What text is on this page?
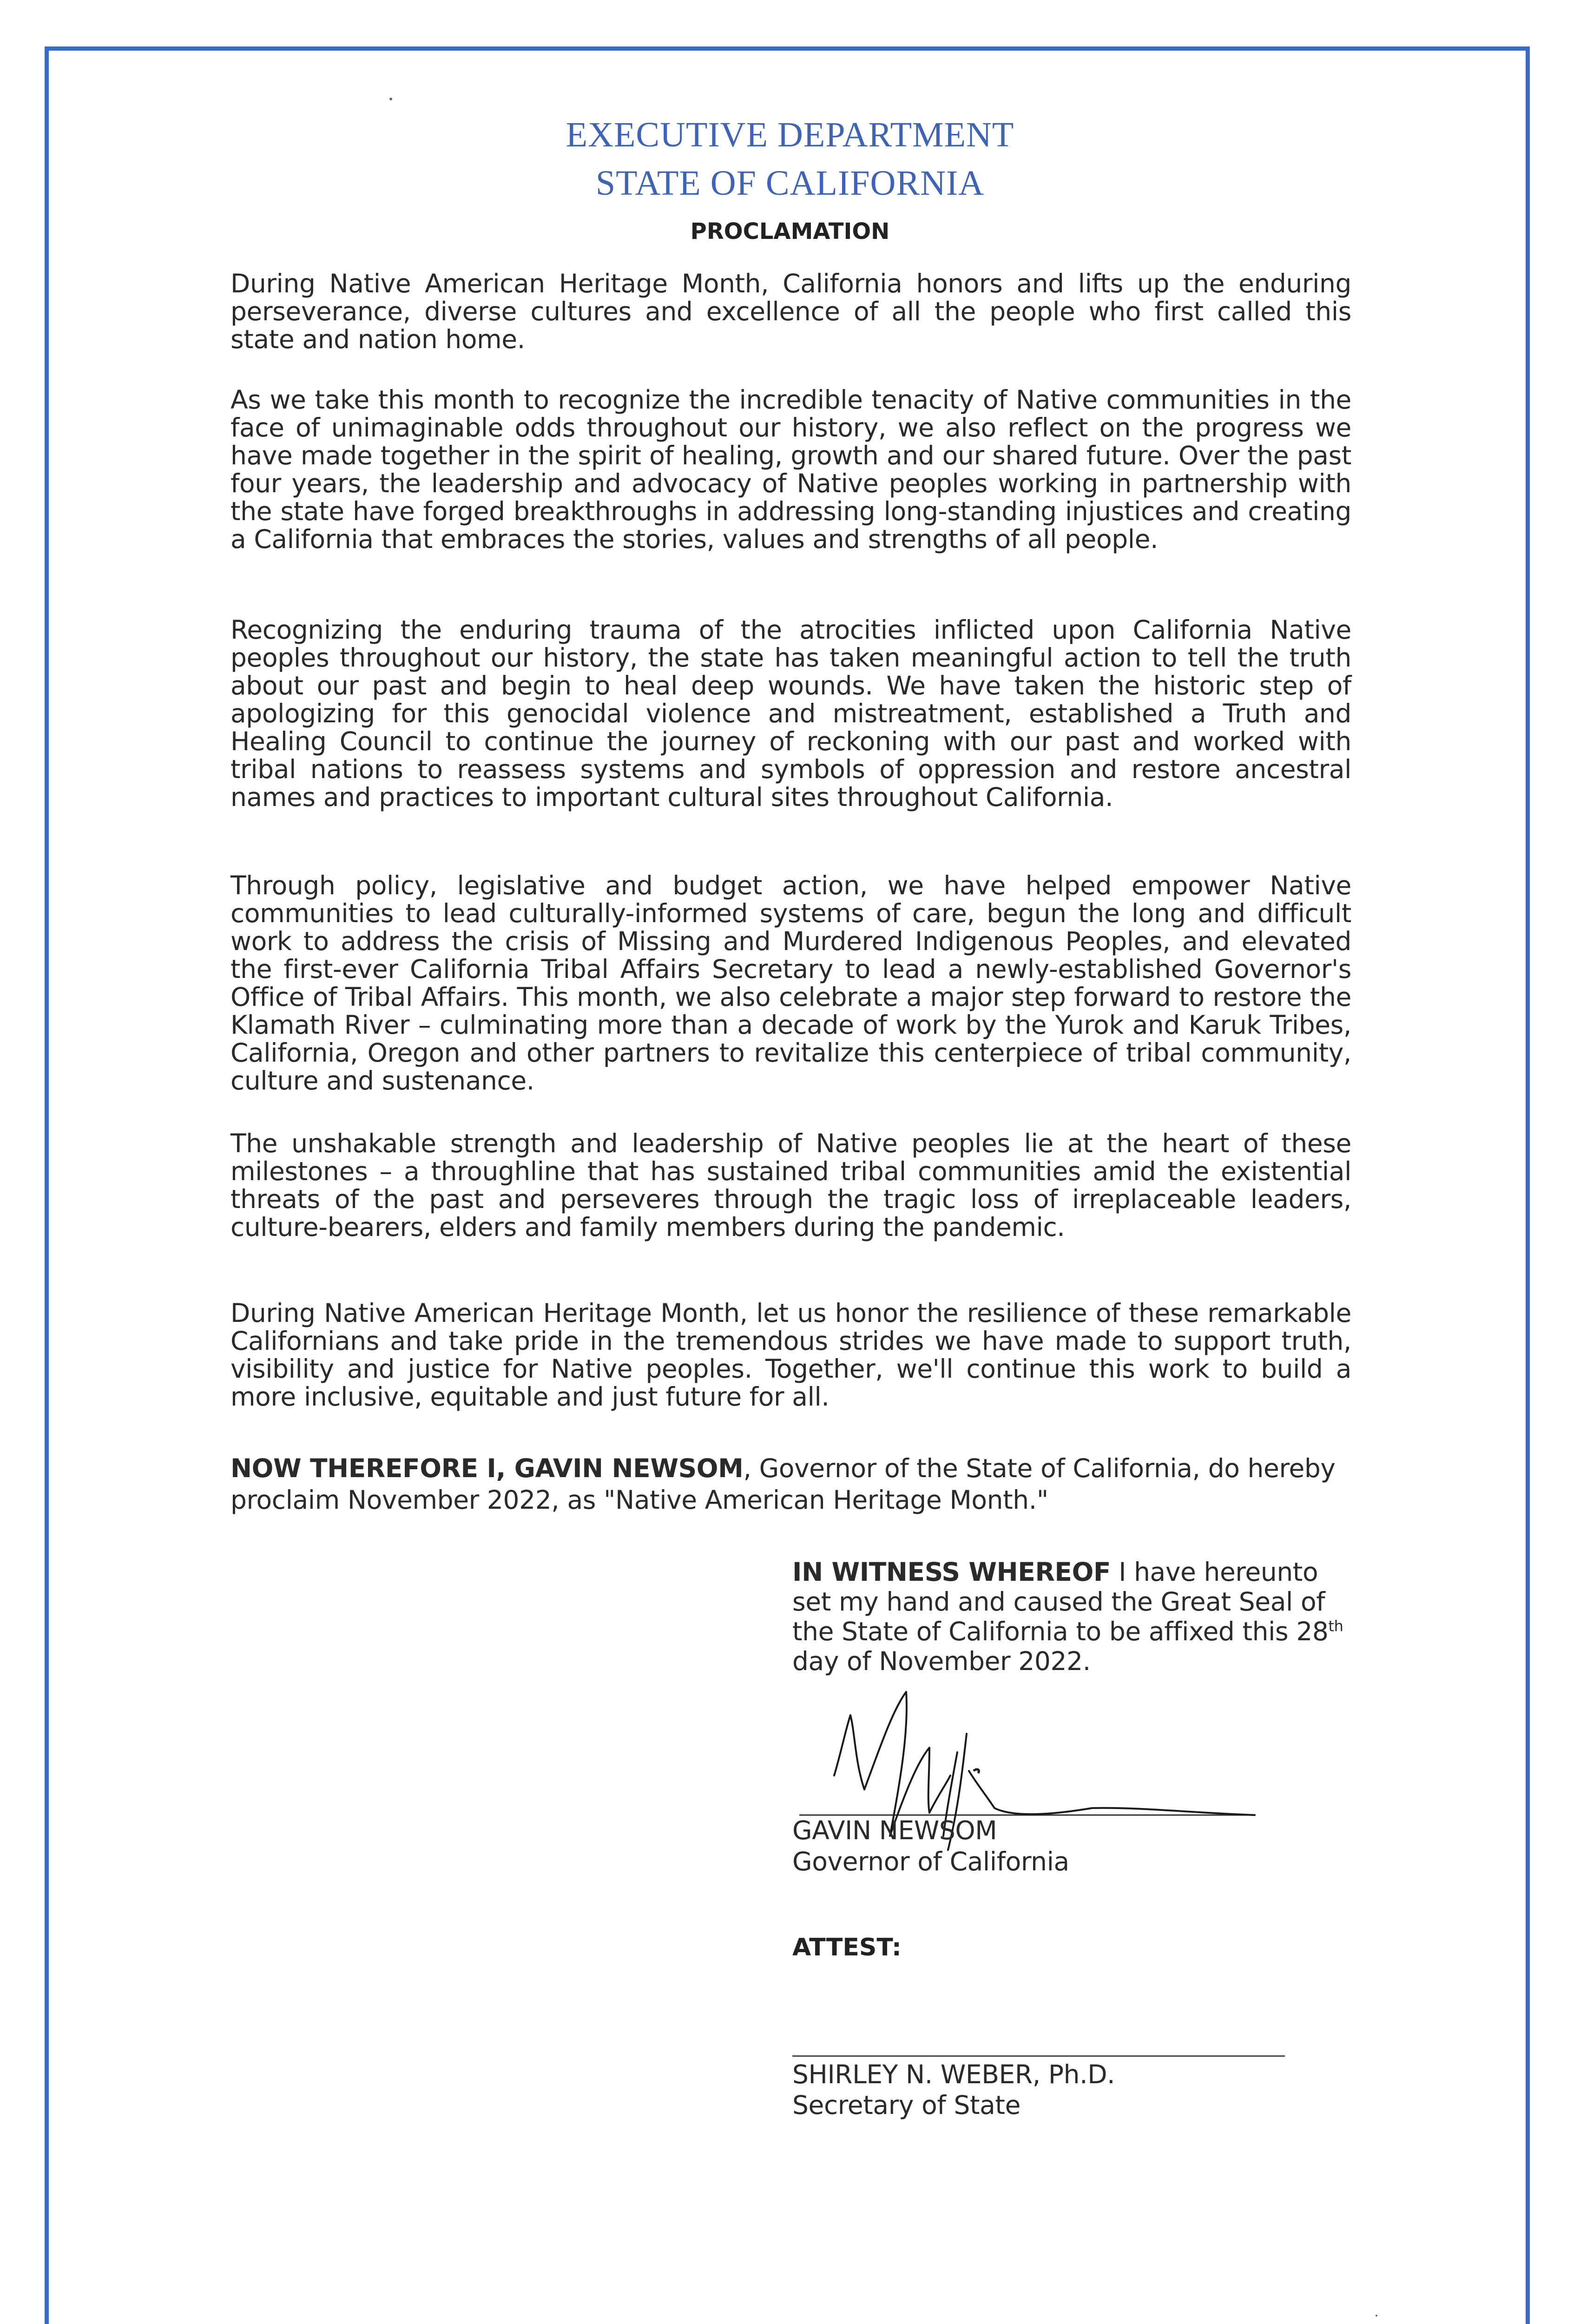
EXECUTIVE DEPARTMENT
STATE OF CALIFORNIA
PROCLAMATION

During Native American Heritage Month, California honors and lifts up the enduring perseverance, diverse cultures and excellence of all the people who first called this state and nation home.

As we take this month to recognize the incredible tenacity of Native communities in the face of unimaginable odds throughout our history, we also reflect on the progress we have made together in the spirit of healing, growth and our shared future. Over the past four years, the leadership and advocacy of Native peoples working in partnership with the state have forged breakthroughs in addressing long-standing injustices and creating a California that embraces the stories, values and strengths of all people.

Recognizing the enduring trauma of the atrocities inflicted upon California Native peoples throughout our history, the state has taken meaningful action to tell the truth about our past and begin to heal deep wounds. We have taken the historic step of apologizing for this genocidal violence and mistreatment, established a Truth and Healing Council to continue the journey of reckoning with our past and worked with tribal nations to reassess systems and symbols of oppression and restore ancestral names and practices to important cultural sites throughout California.

Through policy, legislative and budget action, we have helped empower Native communities to lead culturally-informed systems of care, begun the long and difficult work to address the crisis of Missing and Murdered Indigenous Peoples, and elevated the first-ever California Tribal Affairs Secretary to lead a newly-established Governor's Office of Tribal Affairs. This month, we also celebrate a major step forward to restore the Klamath River – culminating more than a decade of work by the Yurok and Karuk Tribes, California, Oregon and other partners to revitalize this centerpiece of tribal community, culture and sustenance.

The unshakable strength and leadership of Native peoples lie at the heart of these milestones – a throughline that has sustained tribal communities amid the existential threats of the past and perseveres through the tragic loss of irreplaceable leaders, culture-bearers, elders and family members during the pandemic.

During Native American Heritage Month, let us honor the resilience of these remarkable Californians and take pride in the tremendous strides we have made to support truth, visibility and justice for Native peoples. Together, we'll continue this work to build a more inclusive, equitable and just future for all.

NOW THEREFORE I, GAVIN NEWSOM, Governor of the State of California, do hereby proclaim November 2022, as "Native American Heritage Month."

IN WITNESS WHEREOF I have hereunto set my hand and caused the Great Seal of the State of California to be affixed this 28th day of November 2022.

GAVIN NEWSOM
Governor of California
ATTEST:
SHIRLEY N. WEBER, Ph.D.
Secretary of State
